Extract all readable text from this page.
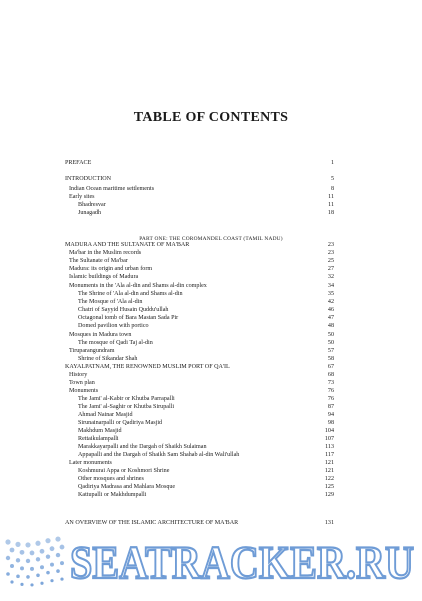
TABLE OF CONTENTS
PREFACE	1
INTRODUCTION	5
Indian Ocean maritime settlements	8
Early sites	11
Bhadresvar	11
Junagadh	18
MADURA AND THE SULTANATE OF MA'BAR	23
Ma'bar in the Muslim records	23
The Sultanate of Ma'bar	25
Madura: its origin and urban form	27
Islamic buildings of Madura	32
Monuments in the 'Ala al-din and Shams al-din complex	34
The Shrine of 'Ala al-din and Shams al-din	35
The Mosque of 'Ala al-din	42
Chatri of Sayyid Husain Quddu'ullah	46
Octagonal tomb of Bara Mastan Sada Pir	47
Domed pavilion with portico	48
Mosques in Madura town	50
The mosque of Qadi Taj al-din	50
Tiruparangundram	57
Shrine of Sikandar Shah	58
KAYALPATNAM, THE RENOWNED MUSLIM PORT OF QA'IL	67
History	68
Town plan	73
Monuments	76
The Jami' al-Kabir or Khutba Parrapalli	76
The Jami' al-Saghir or Khutba Sirupalli	87
Ahmad Nainar Masjid	94
Sirunainarpalli or Qadiriya Masjid	98
Makhdum Masjid	104
Rettaikulampalli	107
Marakkayarpalli and the Dargah of Shaikh Sulaiman	113
Appapalli and the Dargah of Shaikh Sam Shahab al-din Wali'ullah	117
Later monuments	121
Koshmurai Appa or Koshmori Shrine	121
Other mosques and shrines	122
Qadiriya Madrasa and Mahlara Mosque	125
Kattupalli or Makhdumpalli	129
AN OVERVIEW OF THE ISLAMIC ARCHITECTURE OF MA'BAR	131
PART ONE: THE COROMANDEL COAST (TAMIL NADU)
SEATRACKER.RU
